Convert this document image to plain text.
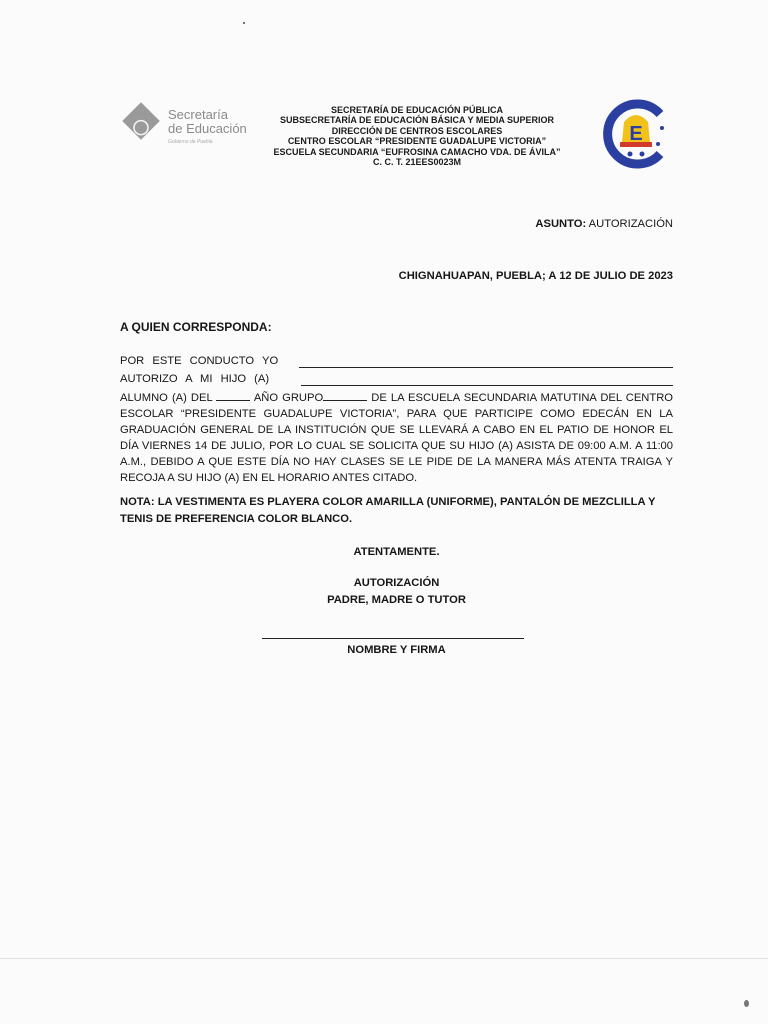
Secretaría
de Educación
Gobierno de Puebla
SECRETARÍA DE EDUCACIÓN PÚBLICA
SUBSECRETARÍA DE EDUCACIÓN BÁSICA Y MEDIA SUPERIOR
DIRECCIÓN DE CENTROS ESCOLARES
CENTRO ESCOLAR “PRESIDENTE GUADALUPE VICTORIA”
ESCUELA SECUNDARIA “EUFROSINA CAMACHO VDA. DE ÁVILA”
C. C. T. 21EES0023M
E
ASUNTO: AUTORIZACIÓN
CHIGNAHUAPAN, PUEBLA; A 12 DE JULIO DE 2023
A QUIEN CORRESPONDA:
POR ESTE CONDUCTO YO
AUTORIZO A MI HIJO (A)
ALUMNO (A) DEL	AÑO GRUPO	DE LA ESCUELA SECUNDARIA MATUTINA DEL CENTRO ESCOLAR “PRESIDENTE GUADALUPE VICTORIA”, PARA QUE PARTICIPE COMO EDECÁN EN LA GRADUACIÓN GENERAL DE LA INSTITUCIÓN QUE SE LLEVARÁ A CABO EN EL PATIO DE HONOR EL DÍA VIERNES 14 DE JULIO, POR LO CUAL SE SOLICITA QUE SU HIJO (A) ASISTA DE 09:00 A.M. A 11:00 A.M., DEBIDO A QUE ESTE DÍA NO HAY CLASES SE LE PIDE DE LA MANERA MÁS ATENTA TRAIGA Y RECOJA A SU HIJO (A) EN EL HORARIO ANTES CITADO.
NOTA: LA VESTIMENTA ES PLAYERA COLOR AMARILLA (UNIFORME), PANTALÓN DE MEZCLILLA Y TENIS DE PREFERENCIA COLOR BLANCO.
ATENTAMENTE.
AUTORIZACIÓN
PADRE, MADRE O TUTOR
NOMBRE Y FIRMA
